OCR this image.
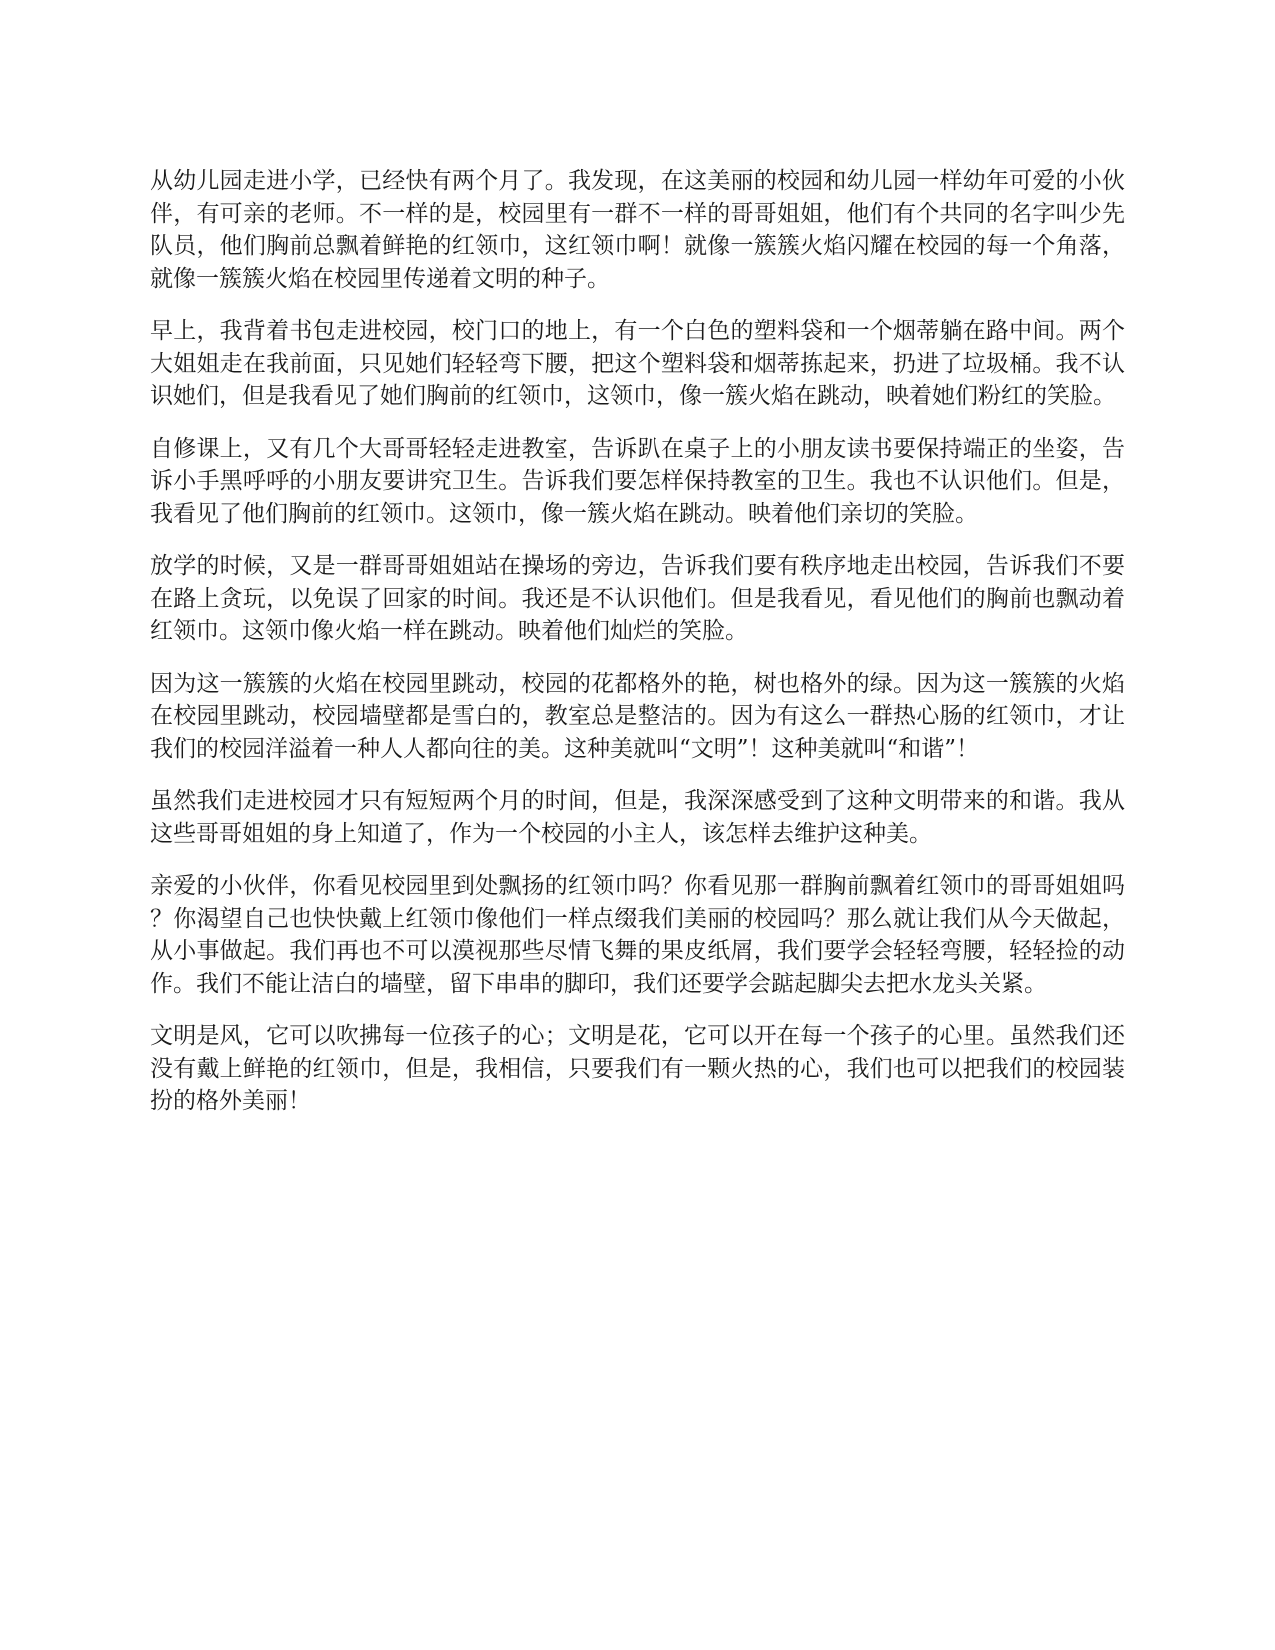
从幼儿园走进小学，已经快有两个月了。我发现，在这美丽的校园和幼儿园一样幼年可爱的小伙伴，有可亲的老师。不一样的是，校园里有一群不一样的哥哥姐姐，他们有个共同的名字叫少先队员，他们胸前总飘着鲜艳的红领巾，这红领巾啊！就像一簇簇火焰闪耀在校园的每一个角落，就像一簇簇火焰在校园里传递着文明的种子。

早上，我背着书包走进校园，校门口的地上，有一个白色的塑料袋和一个烟蒂躺在路中间。两个大姐姐走在我前面，只见她们轻轻弯下腰，把这个塑料袋和烟蒂拣起来，扔进了垃圾桶。我不认识她们，但是我看见了她们胸前的红领巾，这领巾，像一簇火焰在跳动，映着她们粉红的笑脸。

自修课上，又有几个大哥哥轻轻走进教室，告诉趴在桌子上的小朋友读书要保持端正的坐姿，告诉小手黑呼呼的小朋友要讲究卫生。告诉我们要怎样保持教室的卫生。我也不认识他们。但是，我看见了他们胸前的红领巾。这领巾，像一簇火焰在跳动。映着他们亲切的笑脸。

放学的时候，又是一群哥哥姐姐站在操场的旁边，告诉我们要有秩序地走出校园，告诉我们不要在路上贪玩，以免误了回家的时间。我还是不认识他们。但是我看见，看见他们的胸前也飘动着红领巾。这领巾像火焰一样在跳动。映着他们灿烂的笑脸。

因为这一簇簇的火焰在校园里跳动，校园的花都格外的艳，树也格外的绿。因为这一簇簇的火焰在校园里跳动，校园墙壁都是雪白的，教室总是整洁的。因为有这么一群热心肠的红领巾，才让我们的校园洋溢着一种人人都向往的美。这种美就叫“文明”！这种美就叫“和谐”！

虽然我们走进校园才只有短短两个月的时间，但是，我深深感受到了这种文明带来的和谐。我从这些哥哥姐姐的身上知道了，作为一个校园的小主人，该怎样去维护这种美。

亲爱的小伙伴，你看见校园里到处飘扬的红领巾吗？你看见那一群胸前飘着红领巾的哥哥姐姐吗？你渴望自己也快快戴上红领巾像他们一样点缀我们美丽的校园吗？那么就让我们从今天做起，从小事做起。我们再也不可以漠视那些尽情飞舞的果皮纸屑，我们要学会轻轻弯腰，轻轻捡的动作。我们不能让洁白的墙壁，留下串串的脚印，我们还要学会踮起脚尖去把水龙头关紧。

文明是风，它可以吹拂每一位孩子的心；文明是花，它可以开在每一个孩子的心里。虽然我们还没有戴上鲜艳的红领巾，但是，我相信，只要我们有一颗火热的心，我们也可以把我们的校园装扮的格外美丽！
